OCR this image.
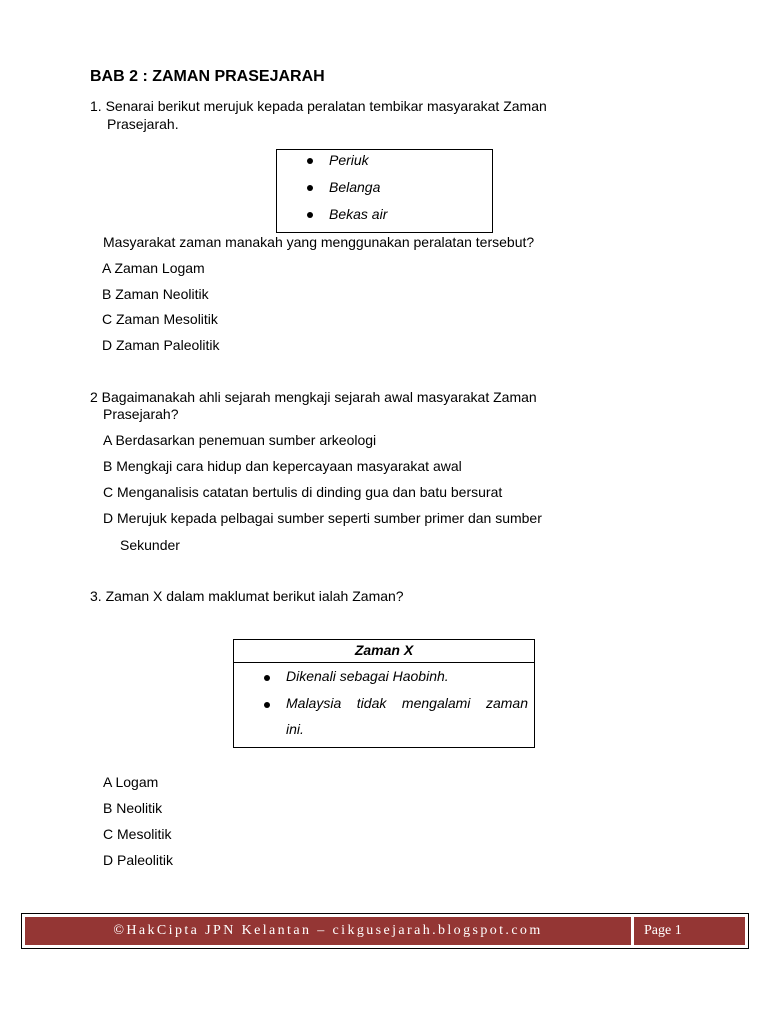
BAB 2 : ZAMAN PRASEJARAH
1. Senarai berikut merujuk kepada peralatan tembikar masyarakat Zaman
Prasejarah.
Periuk
Belanga
Bekas air
Masyarakat zaman manakah yang menggunakan peralatan tersebut?
A Zaman Logam
B Zaman Neolitik
C Zaman Mesolitik
D Zaman Paleolitik
2 Bagaimanakah ahli sejarah mengkaji sejarah awal masyarakat Zaman
Prasejarah?
A Berdasarkan penemuan sumber arkeologi
B Mengkaji cara hidup dan kepercayaan masyarakat awal
C Menganalisis catatan bertulis di dinding gua dan batu bersurat
D Merujuk kepada pelbagai sumber seperti sumber primer dan sumber
Sekunder
3. Zaman X dalam maklumat berikut ialah Zaman?
Zaman X
Dikenali sebagai Haobinh.
Malaysia tidak mengalami zaman
ini.
A Logam
B Neolitik
C Mesolitik
D Paleolitik
©HakCipta JPN Kelantan – cikgusejarah.blogspot.com	Page 1
